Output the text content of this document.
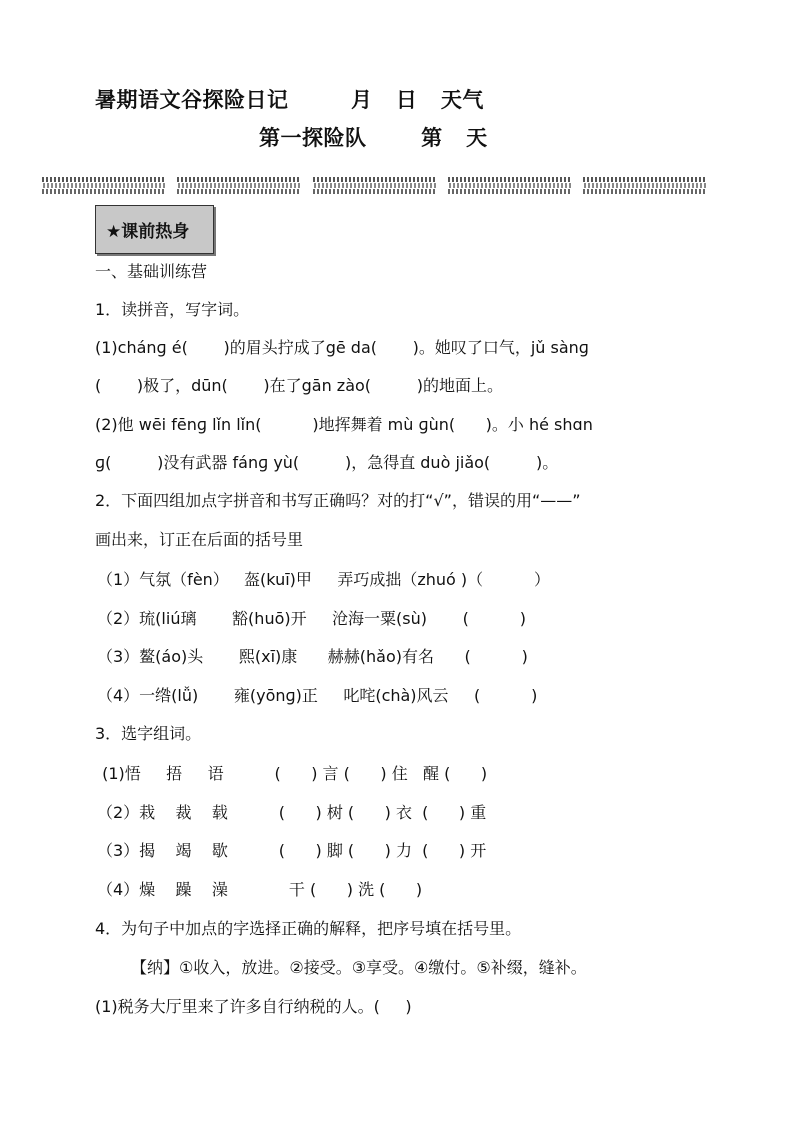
暑期语文谷探险日记        月   日   天气
第一探险队       第   天
★课前热身
一、基础训练营
1．读拼音，写字词。
(1)chánɡ é(       )的眉头拧成了gē da(       )。她叹了口气，jǔ sànɡ
(       )极了，dūn(       )在了gān zào(         )的地面上。
(2)他 wēi fēnɡ lǐn lǐn(          )地挥舞着 mù ɡùn(      )。小 hé shɑn
ɡ(         )没有武器 fánɡ yù(         )，急得直 duò jiǎo(         )。
2．下面四组加点字拼音和书写正确吗？对的打“√”，错误的用“——”
画出来，订正在后面的括号里
（1）气氛（fèn）   盔(kuī)甲     弄巧成拙（zhuó )（          ）
（2）琉(liú璃       豁(huō)开     沧海一粟(sù)       (          )
（3）鳌(áo)头       熙(xī)康      赫赫(hǎo)有名      (          )
（4）一绺(lǚ)       雍(yōnɡ)正     叱咤(chà)风云     (          )
3．选字组词。
(1)悟     捂     语          (      ) 言 (      ) 住   醒 (      )
（2）栽    裁    载          (      ) 树 (      ) 衣  (      ) 重
（3）揭    竭    歇          (      ) 脚 (      ) 力  (      ) 开
（4）燥    躁    澡            干 (      ) 洗 (      )
4．为句子中加点的字选择正确的解释，把序号填在括号里。
【纳】①收入，放进。②接受。③享受。④缴付。⑤补缀，缝补。
(1)税务大厅里来了许多自行纳税的人。(     )
